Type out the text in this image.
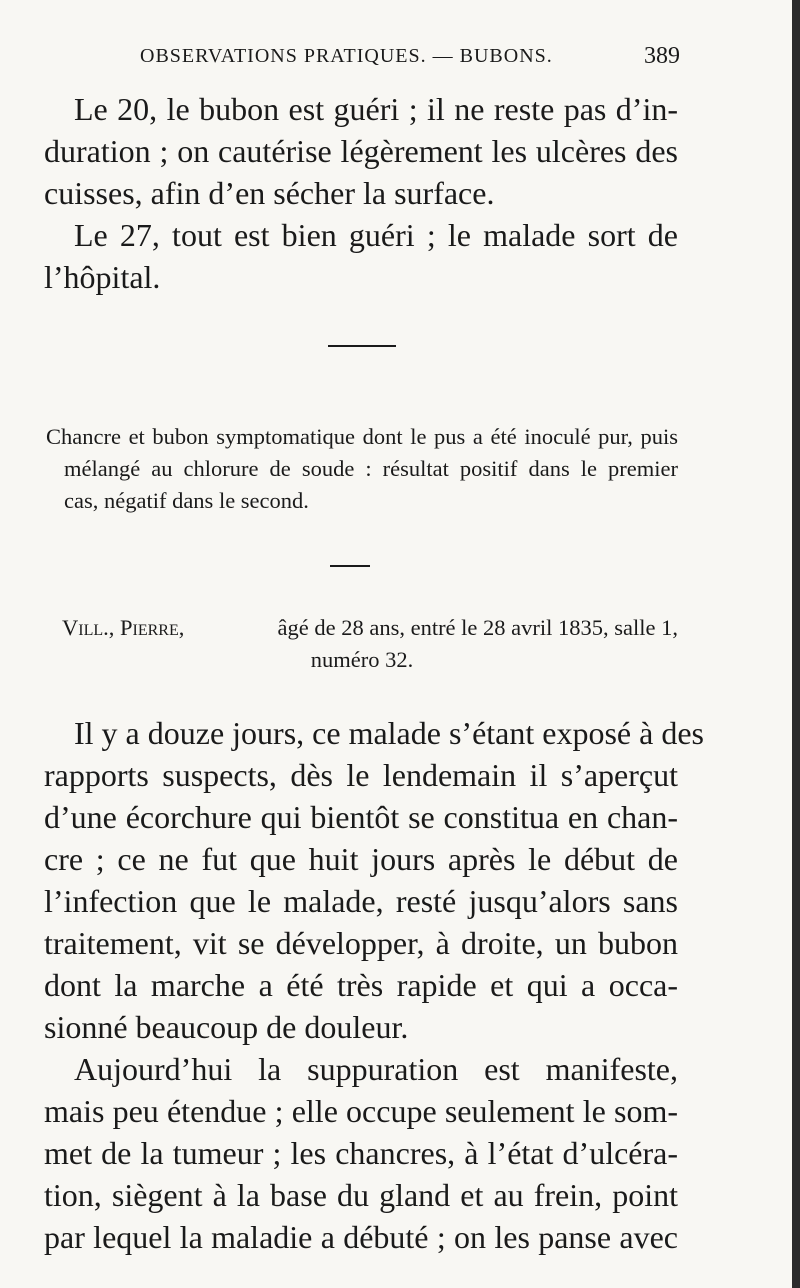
OBSERVATIONS PRATIQUES. — BUBONS.	389
Le 20, le bubon est guéri ; il ne reste pas d’in-
duration ; on cautérise légèrement les ulcères des
cuisses, afin d’en sécher la surface.
Le 27, tout est bien guéri ; le malade sort de
l’hôpital.
Chancre et bubon symptomatique dont le pus a été inoculé pur, puis
mélangé au chlorure de soude : résultat positif dans le premier
cas, négatif dans le second.
Vill., Pierre,	âgé de 28 ans, entré le 28 avril 1835, salle 1,
numéro 32.
Il y a douze jours, ce malade s’étant exposé à des
rapports suspects, dès le lendemain il s’aperçut
d’une écorchure qui bientôt se constitua en chan-
cre ; ce ne fut que huit jours après le début de
l’infection que le malade, resté jusqu’alors sans
traitement, vit se développer, à droite, un bubon
dont la marche a été très rapide et qui a occa-
sionné beaucoup de douleur.
Aujourd’hui la suppuration est manifeste,
mais peu étendue ; elle occupe seulement le som-
met de la tumeur ; les chancres, à l’état d’ulcéra-
tion, siègent à la base du gland et au frein, point
par lequel la maladie a débuté ; on les panse avec
